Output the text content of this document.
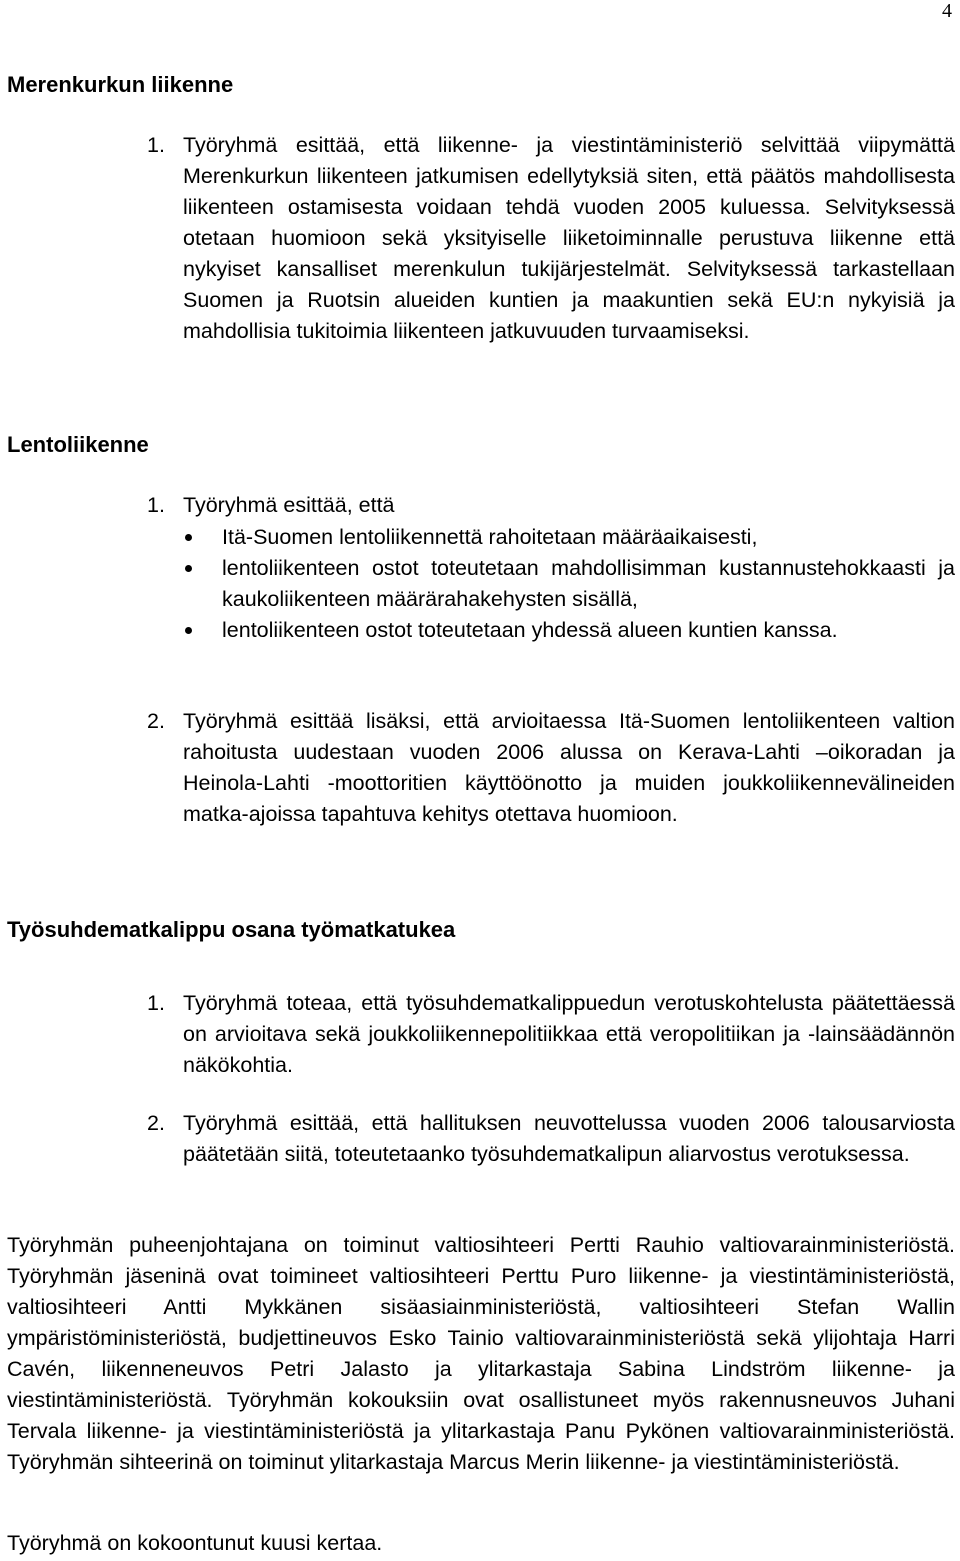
4
Merenkurkun liikenne
1. Työryhmä esittää, että liikenne- ja viestintäministeriö selvittää viipymättä Merenkurkun liikenteen jatkumisen edellytyksiä siten, että päätös mahdollisesta liikenteen ostamisesta voidaan tehdä vuoden 2005 kuluessa. Selvityksessä otetaan huomioon sekä yksityiselle liiketoiminnalle perustuva liikenne että nykyiset kansalliset merenkulun tukijärjestelmät. Selvityksessä tarkastellaan Suomen ja Ruotsin alueiden kuntien ja maakuntien sekä EU:n nykyisiä ja mahdollisia tukitoimia liikenteen jatkuvuuden turvaamiseksi.
Lentoliikenne
1. Työryhmä esittää, että
Itä-Suomen lentoliikennettä rahoitetaan määräaikaisesti,
lentoliikenteen ostot toteutetaan mahdollisimman kustannustehokkaasti ja kaukoliikenteen määrärahakehysten sisällä,
lentoliikenteen ostot toteutetaan yhdessä alueen kuntien kanssa.
2. Työryhmä esittää lisäksi, että arvioitaessa Itä-Suomen lentoliikenteen valtion rahoitusta uudestaan vuoden 2006 alussa on Kerava-Lahti –oikoradan ja Heinola-Lahti -moottoritien käyttöönotto ja muiden joukkoliikennevälineiden matka-ajoissa tapahtuva kehitys otettava huomioon.
Työsuhdematkalippu osana työmatkatukea
1. Työryhmä toteaa, että työsuhdematkalippuedun verotuskohtelusta päätettäessä on arvioitava sekä joukkoliikennepolitiikkaa että veropolitiikan ja -lainsäädännön näkökohtia.
2. Työryhmä esittää, että hallituksen neuvottelussa vuoden 2006 talousarviosta päätetään siitä, toteutetaanko työsuhdematkalipun aliarvostus verotuksessa.

Työryhmän puheenjohtajana on toiminut valtiosihteeri Pertti Rauhio valtiovarainministeriöstä. Työryhmän jäseninä ovat toimineet valtiosihteeri Perttu Puro liikenne- ja viestintäministeriöstä, valtiosihteeri Antti Mykkänen sisäasiainministeriöstä, valtiosihteeri Stefan Wallin ympäristöministeriöstä, budjettineuvos Esko Tainio valtiovarainministeriöstä sekä ylijohtaja Harri Cavén, liikenneneuvos Petri Jalasto ja ylitarkastaja Sabina Lindström liikenne- ja viestintäministeriöstä. Työryhmän kokouksiin ovat osallistuneet myös rakennusneuvos Juhani Tervala liikenne- ja viestintäministeriöstä ja ylitarkastaja Panu Pykönen valtiovarainministeriöstä. Työryhmän sihteerinä on toiminut ylitarkastaja Marcus Merin liikenne- ja viestintäministeriöstä.

Työryhmä on kokoontunut kuusi kertaa.
